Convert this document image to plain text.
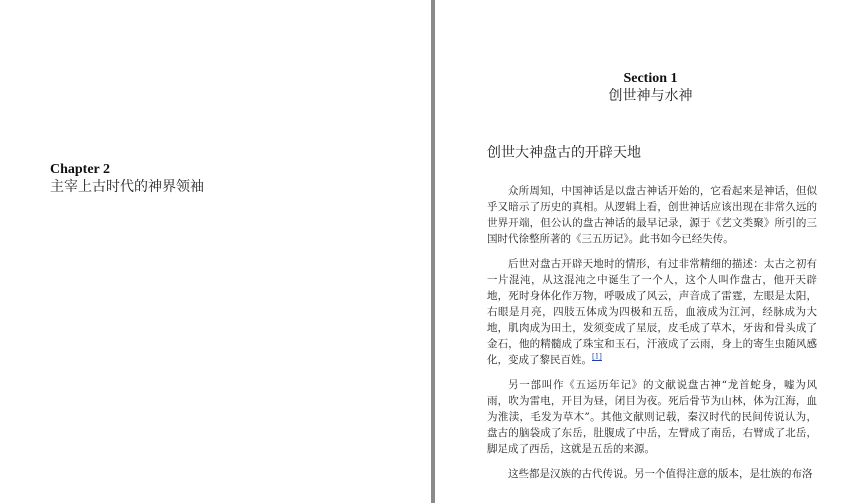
Chapter 2
主宰上古时代的神界领袖
Section 1
创世神与水神
创世大神盘古的开辟天地

众所周知，中国神话是以盘古神话开始的，它看起来是神话，但似乎又暗示了历史的真相。从逻辑上看，创世神话应该出现在非常久远的世界开端，但公认的盘古神话的最早记录，源于《艺文类聚》所引的三国时代徐整所著的《三五历记》。此书如今已经失传。

后世对盘古开辟天地时的情形，有过非常精细的描述：太古之初有一片混沌，从这混沌之中诞生了一个人，这个人叫作盘古，他开天辟地，死时身体化作万物，呼吸成了风云，声音成了雷霆，左眼是太阳，右眼是月亮，四肢五体成为四极和五岳，血液成为江河，经脉成为大地，肌肉成为田土，发须变成了星辰，皮毛成了草木，牙齿和骨头成了金石，他的精髓成了珠宝和玉石，汗液成了云雨，身上的寄生虫随风感化，变成了黎民百姓。[1]

另一部叫作《五运历年记》的文献说盘古神“龙首蛇身，嘘为风雨，吹为雷电，开目为昼，闭目为夜。死后骨节为山林，体为江海，血为淮渎，毛发为草木”。其他文献则记载，秦汉时代的民间传说认为，盘古的脑袋成了东岳，肚腹成了中岳，左臂成了南岳，右臂成了北岳，脚足成了西岳，这就是五岳的来源。

这些都是汉族的古代传说。另一个值得注意的版本，是壮族的布洛
